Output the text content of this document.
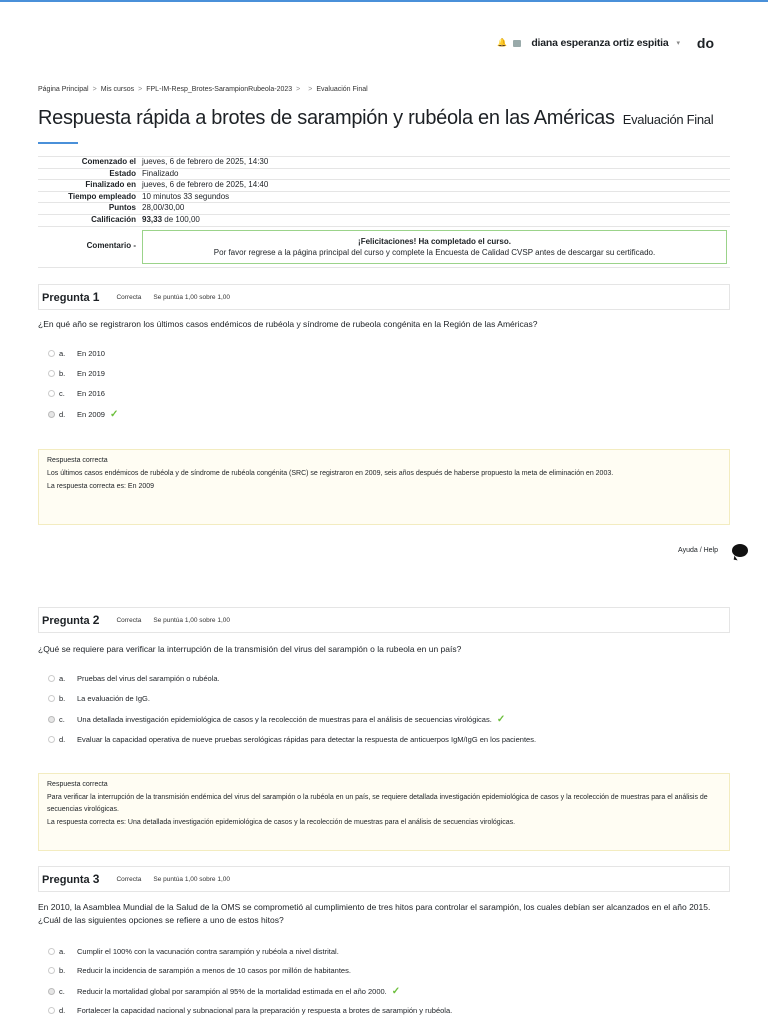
🔔 diana esperanza ortiz espitia ▾ do
Página Principal > Mis cursos > FPL-IM-Resp_Brotes-SarampionRubeola-2023 > > Evaluación Final
Respuesta rápida a brotes de sarampión y rubéola en las Américas Evaluación Final
Comenzado el	jueves, 6 de febrero de 2025, 14:30
Estado	Finalizado
Finalizado en	jueves, 6 de febrero de 2025, 14:40
Tiempo empleado	10 minutos 33 segundos
Puntos	28,00/30,00
Calificación	93,33 de 100,00
Comentario -	¡Felicitaciones! Ha completado el curso.
Por favor regrese a la página principal del curso y complete la Encuesta de Calidad CVSP antes de descargar su certificado.
Pregunta 1	Correcta Se puntúa 1,00 sobre 1,00
¿En qué año se registraron los últimos casos endémicos de rubéola y síndrome de rubeola congénita en la Región de las Américas?
a.	En 2010
b.	En 2019
c.	En 2016
d.	En 2009 ✓
Respuesta correcta
Los últimos casos endémicos de rubéola y de síndrome de rubéola congénita (SRC) se registraron en 2009, seis años después de haberse propuesto la meta de eliminación en 2003.
La respuesta correcta es: En 2009
Ayuda / Help
Pregunta 2	Correcta Se puntúa 1,00 sobre 1,00
¿Qué se requiere para verificar la interrupción de la transmisión del virus del sarampión o la rubeola en un país?
a.	Pruebas del virus del sarampión o rubéola.
b.	La evaluación de IgG.
c.	Una detallada investigación epidemiológica de casos y la recolección de muestras para el análisis de secuencias virológicas. ✓
d.	Evaluar la capacidad operativa de nueve pruebas serológicas rápidas para detectar la respuesta de anticuerpos IgM/IgG en los pacientes.
Respuesta correcta
Para verificar la interrupción de la transmisión endémica del virus del sarampión o la rubéola en un país, se requiere detallada investigación epidemiológica de casos y la recolección de muestras para el análisis de secuencias virológicas.
La respuesta correcta es: Una detallada investigación epidemiológica de casos y la recolección de muestras para el análisis de secuencias virológicas.
Pregunta 3	Correcta Se puntúa 1,00 sobre 1,00
En 2010, la Asamblea Mundial de la Salud de la OMS se comprometió al cumplimiento de tres hitos para controlar el sarampión, los cuales debían ser alcanzados en el año 2015. ¿Cuál de las siguientes opciones se refiere a uno de estos hitos?
a.	Cumplir el 100% con la vacunación contra sarampión y rubéola a nivel distrital.
b.	Reducir la incidencia de sarampión a menos de 10 casos por millón de habitantes.
c.	Reducir la mortalidad global por sarampión al 95% de la mortalidad estimada en el año 2000. ✓
d.	Fortalecer la capacidad nacional y subnacional para la preparación y respuesta a brotes de sarampión y rubéola.
